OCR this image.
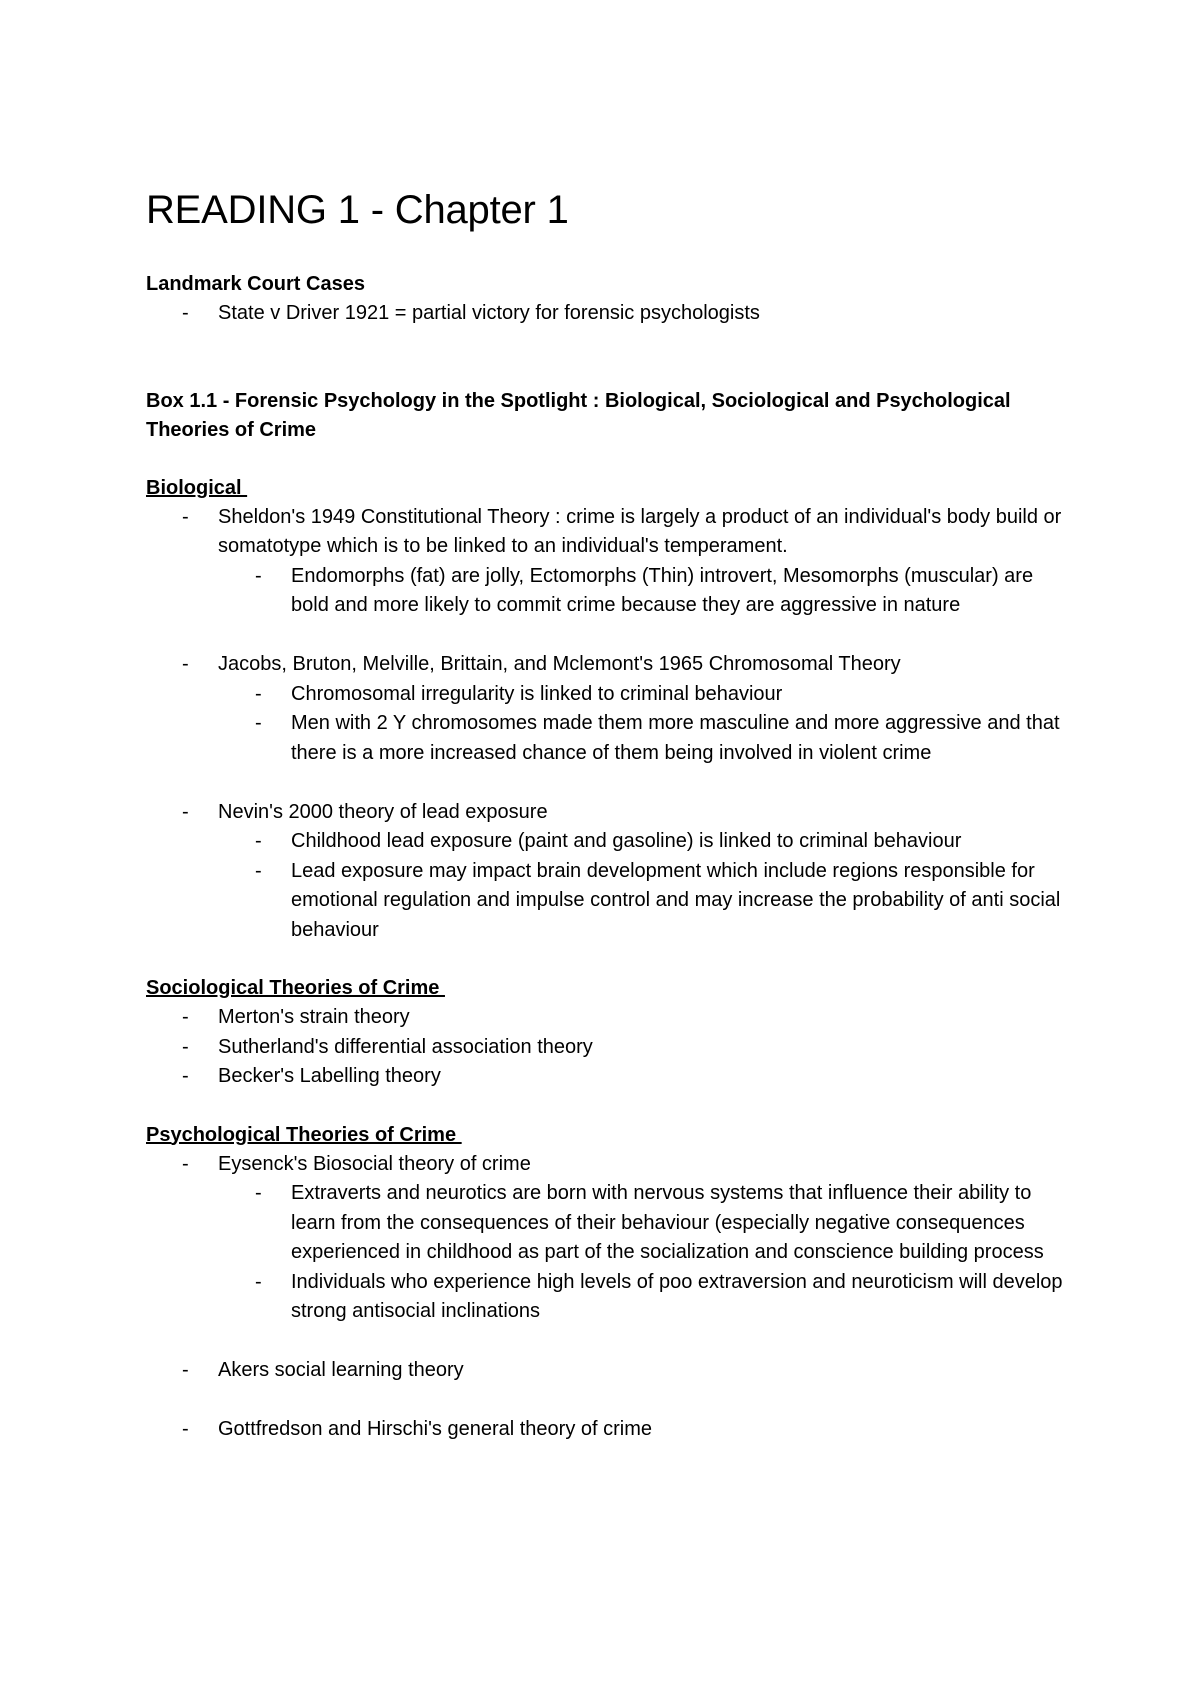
READING 1 - Chapter 1

Landmark Court Cases

-	State v Driver 1921 = partial victory for forensic psychologists

Box 1.1 - Forensic Psychology in the Spotlight : Biological, Sociological and Psychological Theories of Crime

Biological

-	Sheldon's 1949 Constitutional Theory : crime is largely a product of an individual's body build or somatotype which is to be linked to an individual's temperament.
-	Endomorphs (fat) are jolly, Ectomorphs (Thin) introvert, Mesomorphs (muscular) are bold and more likely to commit crime because they are aggressive in nature
-	Jacobs, Bruton, Melville, Brittain, and Mclemont's 1965 Chromosomal Theory
-	Chromosomal irregularity is linked to criminal behaviour
-	Men with 2 Y chromosomes made them more masculine and more aggressive and that there is a more increased chance of them being involved in violent crime
-	Nevin's 2000 theory of lead exposure
-	Childhood lead exposure (paint and gasoline) is linked to criminal behaviour
-	Lead exposure may impact brain development which include regions responsible for emotional regulation and impulse control and may increase the probability of anti social behaviour

Sociological Theories of Crime

-	Merton's strain theory
-	Sutherland's differential association theory
-	Becker's Labelling theory

Psychological Theories of Crime

-	Eysenck's Biosocial theory of crime
-	Extraverts and neurotics are born with nervous systems that influence their ability to learn from the consequences of their behaviour (especially negative consequences experienced in childhood as part of the socialization and conscience building process
-	Individuals who experience high levels of poo extraversion and neuroticism will develop strong antisocial inclinations
-	Akers social learning theory
-	Gottfredson and Hirschi's general theory of crime
